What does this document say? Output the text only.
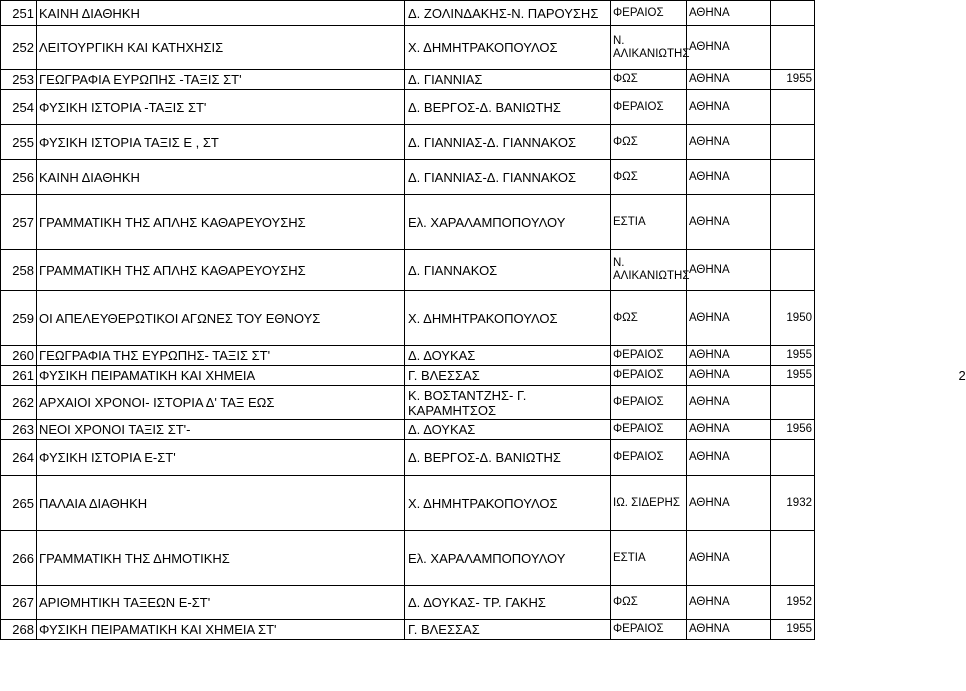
251	ΚΑΙΝΗ ΔΙΑΘΗΚΗ	Δ. ΖΟΛΙΝΔΑΚΗΣ-Ν. ΠΑΡΟΥΣΗΣ	ΦΕΡΑΙΟΣ	ΑΘΗΝΑ			
252	ΛΕΙΤΟΥΡΓΙΚΗ ΚΑΙ ΚΑΤΗΧΗΣΙΣ	Χ. ΔΗΜΗΤΡΑΚΟΠΟΥΛΟΣ	Ν. ΑΛΙΚΑΝΙΩΤΗΣ	ΑΘΗΝΑ			
253	ΓΕΩΓΡΑΦΙΑ ΕΥΡΩΠΗΣ -ΤΑΞΙΣ ΣΤ'	Δ. ΓΙΑΝΝΙΑΣ	ΦΩΣ	ΑΘΗΝΑ	1955		
254	ΦΥΣΙΚΗ ΙΣΤΟΡΙΑ -ΤΑΞΙΣ ΣΤ'	Δ. ΒΕΡΓΟΣ-Δ. ΒΑΝΙΩΤΗΣ	ΦΕΡΑΙΟΣ	ΑΘΗΝΑ			
255	ΦΥΣΙΚΗ ΙΣΤΟΡΙΑ ΤΑΞΙΣ Ε , ΣΤ	Δ. ΓΙΑΝΝΙΑΣ-Δ. ΓΙΑΝΝΑΚΟΣ	ΦΩΣ	ΑΘΗΝΑ			
256	ΚΑΙΝΗ ΔΙΑΘΗΚΗ	Δ. ΓΙΑΝΝΙΑΣ-Δ. ΓΙΑΝΝΑΚΟΣ	ΦΩΣ	ΑΘΗΝΑ			
257	ΓΡΑΜΜΑΤΙΚΗ ΤΗΣ ΑΠΛΗΣ ΚΑΘΑΡΕΥΟΥΣΗΣ	Ελ. ΧΑΡΑΛΑΜΠΟΠΟΥΛΟΥ	ΕΣΤΙΑ	ΑΘΗΝΑ			
258	ΓΡΑΜΜΑΤΙΚΗ ΤΗΣ ΑΠΛΗΣ ΚΑΘΑΡΕΥΟΥΣΗΣ	Δ. ΓΙΑΝΝΑΚΟΣ	Ν. ΑΛΙΚΑΝΙΩΤΗΣ	ΑΘΗΝΑ			
259	ΟΙ ΑΠΕΛΕΥΘΕΡΩΤΙΚΟΙ ΑΓΩΝΕΣ ΤΟΥ ΕΘΝΟΥΣ	Χ. ΔΗΜΗΤΡΑΚΟΠΟΥΛΟΣ	ΦΩΣ	ΑΘΗΝΑ	1950		
260	ΓΕΩΓΡΑΦΙΑ ΤΗΣ ΕΥΡΩΠΗΣ- ΤΑΞΙΣ ΣΤ'	Δ. ΔΟΥΚΑΣ	ΦΕΡΑΙΟΣ	ΑΘΗΝΑ	1955		
261	ΦΥΣΙΚΗ ΠΕΙΡΑΜΑΤΙΚΗ ΚΑΙ ΧΗΜΕΙΑ	Γ. ΒΛΕΣΣΑΣ	ΦΕΡΑΙΟΣ	ΑΘΗΝΑ	1955		2
262	ΑΡΧΑΙΟΙ ΧΡΟΝΟΙ- ΙΣΤΟΡΙΑ Δ' ΤΑΞ ΕΩΣ	Κ. ΒΟΣΤΑΝΤΖΗΣ- Γ. ΚΑΡΑΜΗΤΣΟΣ	ΦΕΡΑΙΟΣ	ΑΘΗΝΑ			
263	ΝΕΟΙ ΧΡΟΝΟΙ ΤΑΞΙΣ ΣΤ'-	Δ. ΔΟΥΚΑΣ	ΦΕΡΑΙΟΣ	ΑΘΗΝΑ	1956		
264	ΦΥΣΙΚΗ ΙΣΤΟΡΙΑ Ε-ΣΤ'	Δ. ΒΕΡΓΟΣ-Δ. ΒΑΝΙΩΤΗΣ	ΦΕΡΑΙΟΣ	ΑΘΗΝΑ			
265	ΠΑΛΑΙΑ ΔΙΑΘΗΚΗ	Χ. ΔΗΜΗΤΡΑΚΟΠΟΥΛΟΣ	ΙΩ. ΣΙΔΕΡΗΣ	ΑΘΗΝΑ	1932		
266	ΓΡΑΜΜΑΤΙΚΗ ΤΗΣ ΔΗΜΟΤΙΚΗΣ	Ελ. ΧΑΡΑΛΑΜΠΟΠΟΥΛΟΥ	ΕΣΤΙΑ	ΑΘΗΝΑ			
267	ΑΡΙΘΜΗΤΙΚΗ ΤΑΞΕΩΝ Ε-ΣΤ'	Δ. ΔΟΥΚΑΣ- ΤΡ. ΓΑΚΗΣ	ΦΩΣ	ΑΘΗΝΑ	1952		
268	ΦΥΣΙΚΗ ΠΕΙΡΑΜΑΤΙΚΗ ΚΑΙ ΧΗΜΕΙΑ ΣΤ'	Γ. ΒΛΕΣΣΑΣ	ΦΕΡΑΙΟΣ	ΑΘΗΝΑ	1955		
